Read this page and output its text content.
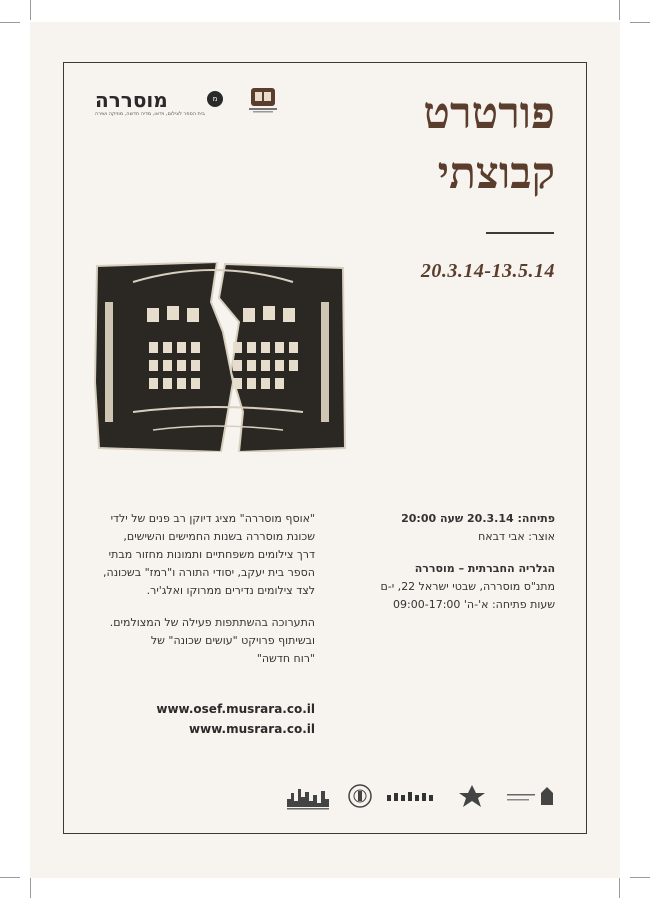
פורטרט
קבוצתי
20.3.14-13.5.14
מוסררה	מ
בית הספר לצילום, וידאו, מדיה חדשה, מוזיקה ושירה
פתיחה: 20.3.14 שעה 20:00
אוצר: אבי דבאח
הגלריה החברתית – מוסררה
מתנ"ס מוסררה, שבטי ישראל 22, י-ם
שעות פתיחה: א'-ה' 09:00-17:00
"אוסף מוסררה" מציג דיוקן רב פנים של ילדי
שכונת מוסררה בשנות החמישים והשישים,
דרך צילומים משפחתיים ותמונות מחזור מבתי
הספר בית יעקב, יסודי התורה ו"רמז" בשכונה,
לצד צילומים נדירים ממרוקו ואלג'יר.
התערוכה בהשתתפות פעילה של המצולמים.
ובשיתוף פרויקט "עושים שכונה" של
"רוח חדשה"
www.osef.musrara.co.il
www.musrara.co.il
